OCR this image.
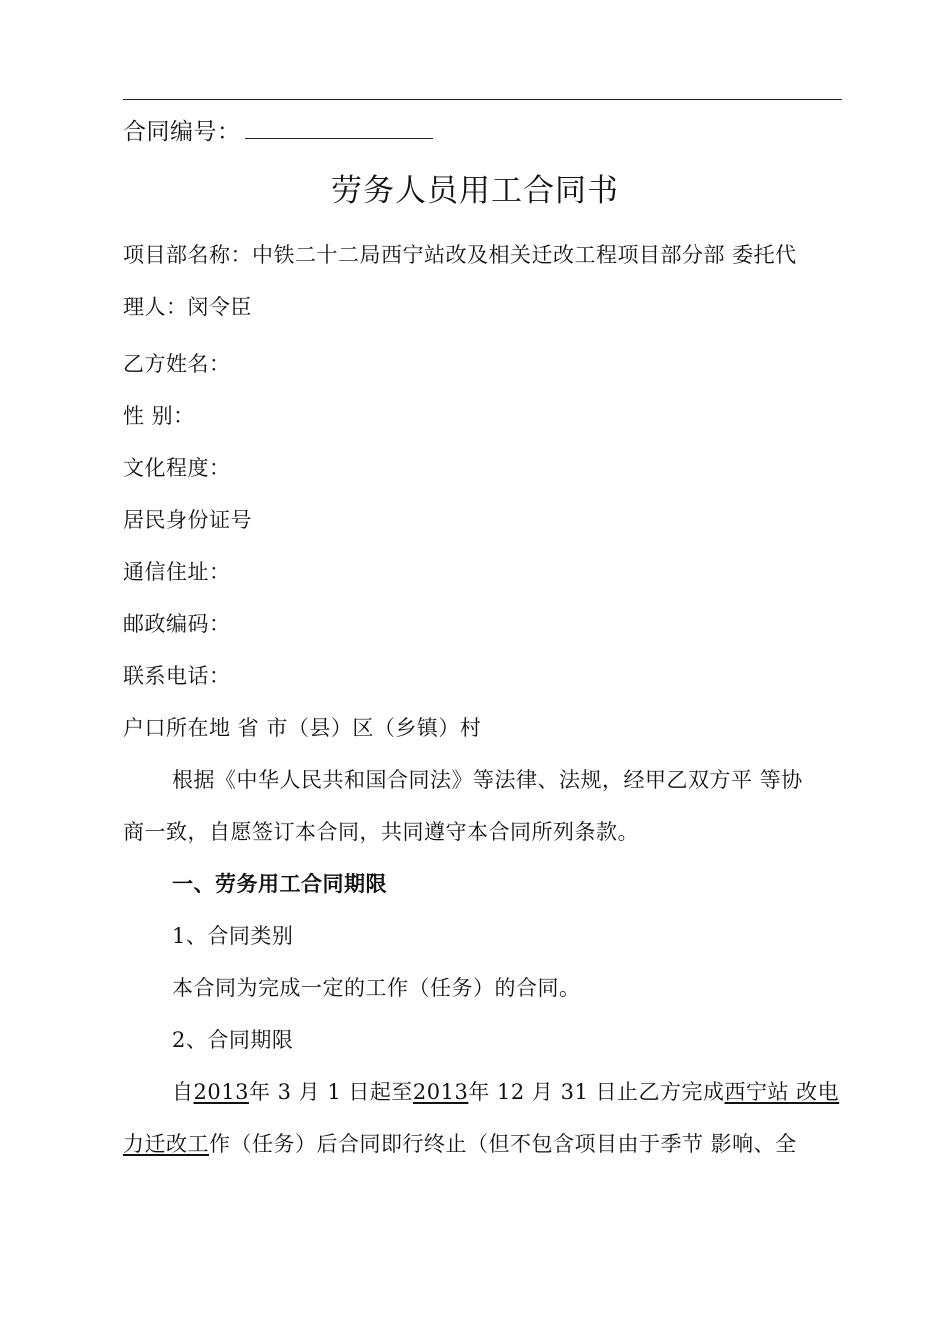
合同编号：
劳务人员用工合同书
项目部名称：中铁二十二局西宁站改及相关迁改工程项目部分部 委托代
理人：闵令臣
乙方姓名：
性 别：
文化程度：
居民身份证号
通信住址：
邮政编码：
联系电话：
户口所在地 省 市（县）区（乡镇）村
根据《中华人民共和国合同法》等法律、法规，经甲乙双方平 等协
商一致，自愿签订本合同，共同遵守本合同所列条款。
一、劳务用工合同期限
1、合同类别
本合同为完成一定的工作（任务）的合同。
2、合同期限
自2013年 3 月 1 日起至2013年 12 月 31 日止乙方完成西宁站 改电
力迁改工作（任务）后合同即行终止（但不包含项目由于季节 影响、全
